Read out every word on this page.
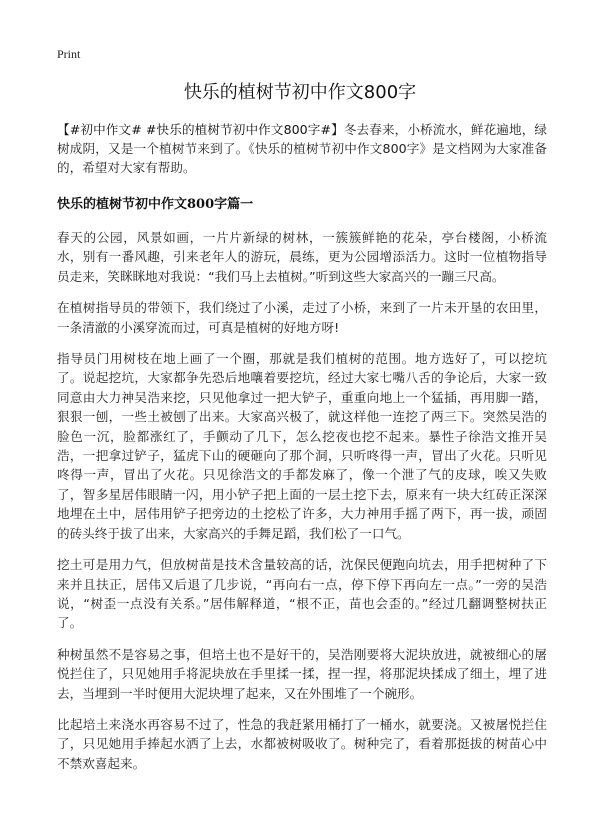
Print
快乐的植树节初中作文800字

【#初中作文# #快乐的植树节初中作文800字#】冬去春来，小桥流水，鲜花遍地，绿树成阴，又是一个植树节来到了。《快乐的植树节初中作文800字》是文档网为大家准备的，希望对大家有帮助。

快乐的植树节初中作文800字篇一

春天的公园，风景如画，一片片新绿的树林，一簇簇鲜艳的花朵，亭台楼阁，小桥流水，别有一番风趣，引来老年人的游玩，晨练，更为公园增添活力。这时一位植物指导员走来，笑眯眯地对我说：“我们马上去植树。”听到这些大家高兴的一蹦三尺高。

在植树指导员的带领下，我们绕过了小溪，走过了小桥，来到了一片未开垦的农田里，一条清澈的小溪穿流而过，可真是植树的好地方呀!

指导员门用树枝在地上画了一个圈，那就是我们植树的范围。地方选好了，可以挖坑了。说起挖坑，大家都争先恐后地嚷着要挖坑，经过大家七嘴八舌的争论后，大家一致同意由大力神吴浩来挖，只见他拿过一把大铲子，重重向地上一个猛插，再用脚一踏，狠狠一刨，一些土被刨了出来。大家高兴极了，就这样他一连挖了两三下。突然吴浩的脸色一沉，脸都涨红了，手颤动了几下，怎么挖夜也挖不起来。暴性子徐浩文推开吴浩，一把拿过铲子，猛虎下山的硬砸向了那个洞，只听咚得一声，冒出了火花。只听见咚得一声，冒出了火花。只见徐浩文的手都发麻了，像一个泄了气的皮球，唉又失败了，智多星居伟眼睛一闪，用小铲子把上面的一层土挖下去，原来有一块大红砖正深深地埋在土中，居伟用铲子把旁边的土挖松了许多，大力神用手摇了两下，再一拔，顽固的砖头终于拔了出来，大家高兴的手舞足蹈，我们松了一口气。

挖土可是用力气，但放树苗是技术含量较高的话，沈保民便跑向坑去，用手把树种了下来并且扶正，居伟又后退了几步说，“再向右一点，停下停下再向左一点。”一旁的吴浩说，“树歪一点没有关系。”居伟解释道，“根不正，苗也会歪的。”经过几翻调整树扶正了。

种树虽然不是容易之事，但培土也不是好干的，吴浩刚要将大泥块放进，就被细心的屠悦拦住了，只见她用手将泥块放在手里揉一揉，捏一捏，将那泥块揉成了细土，埋了进去，当埋到一半时便用大泥块埋了起来，又在外围堆了一个碗形。

比起培土来浇水再容易不过了，性急的我赶紧用桶打了一桶水，就要浇。又被屠悦拦住了，只见她用手捧起水洒了上去，水都被树吸收了。树种完了，看着那挺拔的树苗心中不禁欢喜起来。
